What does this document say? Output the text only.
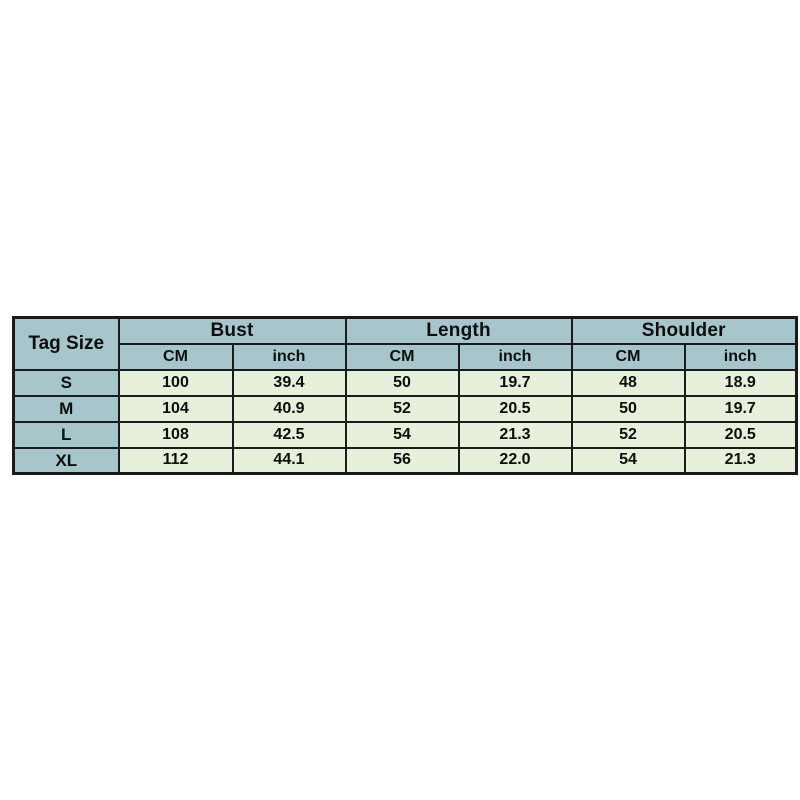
Tag Size	Bust		Length		Shoulder	
	CM	inch	CM	inch	CM	inch
S	100	39.4	50	19.7	48	18.9
M	104	40.9	52	20.5	50	19.7
L	108	42.5	54	21.3	52	20.5
XL	112	44.1	56	22.0	54	21.3
